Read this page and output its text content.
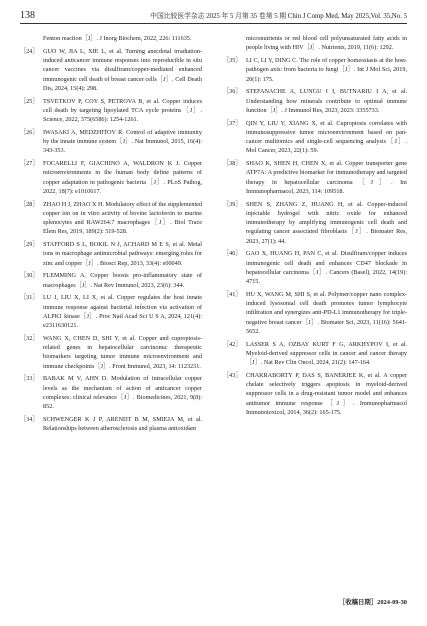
138	中国比较医学杂志 2025 年 5 月第 35 卷第 5 期 Chin J Comp Med, May 2025,Vol. 35,No. 5
Fenton reaction［J］. J Inorg Biochem, 2022, 226: 111635.
［24］ GUO W, JIA L, XIE L, et al. Turning anecdotal irradiation-induced anticancer immune responses into reproducible in situ cancer vaccines via disulfiram/copper-mediated enhanced immunogenic cell death of breast cancer cells［J］. Cell Death Dis, 2024, 15(4): 298.
［25］ TSVETKOV P, COY S, PETROVA B, et al. Copper induces cell death by targeting lipoylated TCA cycle proteins［J］. Science, 2022, 375(6586): 1254-1261.
［26］ IWASAKI A, MEDZHITOV R. Control of adaptive immunity by the innate immune system［J］. Nat Immunol, 2015, 16(4): 343-353.
［27］ FOCARELLI F, GIACHINO A, WALDRON K J. Copper microenvironments in the human body define patterns of copper adaptation in pathogenic bacteria［J］. PLoS Pathog, 2022, 18(7): e1010617.
［28］ ZHAO H J, ZHAO X H. Modulatory effect of the supplemented copper ion on in vitro activity of bovine lactoferrin to murine splenocytes and RAW264.7 macrophages［J］. Biol Trace Elem Res, 2019, 189(2): 519-528.
［29］ STAFFORD S L, BOKIL N J, ACHARD M E S, et al. Metal ions in macrophage antimicrobial pathways: emerging roles for zinc and copper［J］. Biosci Rep, 2013, 33(4): e00049.
［30］ FLEMMING A. Copper boosts pro-inflammatory state of macrophages［J］. Nat Rev Immunol, 2023, 23(6): 344.
［31］ LU J, LIU X, LI X, et al. Copper regulates the host innate immune response against bacterial infection via activation of ALPK1 kinase［J］. Proc Natl Acad Sci U S A, 2024, 121(4): e2311630121.
［32］ WANG X, CHEN D, SHI Y, et al. Copper and cuproptosis-related genes in hepatocellular carcinoma: therapeutic biomarkers targeting tumor immune microenvironment and immune checkpoints［J］. Front Immunol, 2023, 14: 1123231.
［33］ BABAK M V, AHN D. Modulation of intracellular copper levels as the mechanism of action of anticancer copper complexes: clinical relevance［J］. Biomedicines, 2021, 9(8): 852.
［34］ SCHWENGER K J P, ARENDT B M, SMIEJA M, et al. Relationships between atherosclerosis and plasma antioxidant
micronutrients or red blood cell polyunsaturated fatty acids in people living with HIV［J］. Nutrients, 2019, 11(6): 1292.
［35］ LI C, LI Y, DING C. The role of copper homeostasis at the host-pathogen axis: from bacteria to fungi［J］. Int J Mol Sci, 2019, 20(1): 175.
［36］ STEFANACHE A, LUNGU I I, BUTNARIU I A, et al. Understanding how minerals contribute to optimal immune function［J］. J Immunol Res, 2023, 2023: 3355733.
［37］ QIN Y, LIU Y, XIANG X, et al. Cuproptosis correlates with immunosuppressive tumor microenvironment based on pan-cancer multiomics and single-cell sequencing analysis［J］. Mol Cancer, 2023, 22(1): 59.
［38］ SHAO K, SHEN H, CHEN X, et al. Copper transporter gene ATP7A: A predictive biomarker for immunotherapy and targeted therapy in hepatocellular carcinoma［J］. Int Immunopharmacol, 2023, 114: 109518.
［39］ SHEN S, ZHANG Z, HUANG H, et al. Copper-induced injectable hydrogel with nitric oxide for enhanced immunotherapy by amplifying immunogenic cell death and regulating cancer associated fibroblasts［J］. Biomater Res, 2023, 27(1): 44.
［40］ GAO X, HUANG H, PAN C, et al. Disulfiram/copper induces immunogenic cell death and enhances CD47 blockade in hepatocellular carcinoma［J］. Cancers (Basel), 2022, 14(19): 4715.
［41］ HU X, WANG M, SHI S, et al. Polymer/copper nano complex-induced lysosomal cell death promotes tumor lymphocyte infiltration and synergizes anti-PD-L1 immunotherapy for triple-negative breast cancer［J］. Biomater Sci, 2023, 11(16): 5641-5652.
［42］ LASSER S A, OZBAY KURT F G, ARKHYPOV I, et al. Myeloid-derived suppressor cells in cancer and cancer therapy［J］. Nat Rev Clin Oncol, 2024, 21(2): 147-164.
［43］ CHAKRABORTY P, DAS S, BANERJEE K, et al. A copper chelate selectively triggers apoptosis in myeloid-derived suppressor cells in a drug-resistant tumor model and enhances antitumor immune response［J］. Immunopharmacol Immunotoxicol, 2014, 36(2): 165-175.
［收稿日期］2024-09-30
